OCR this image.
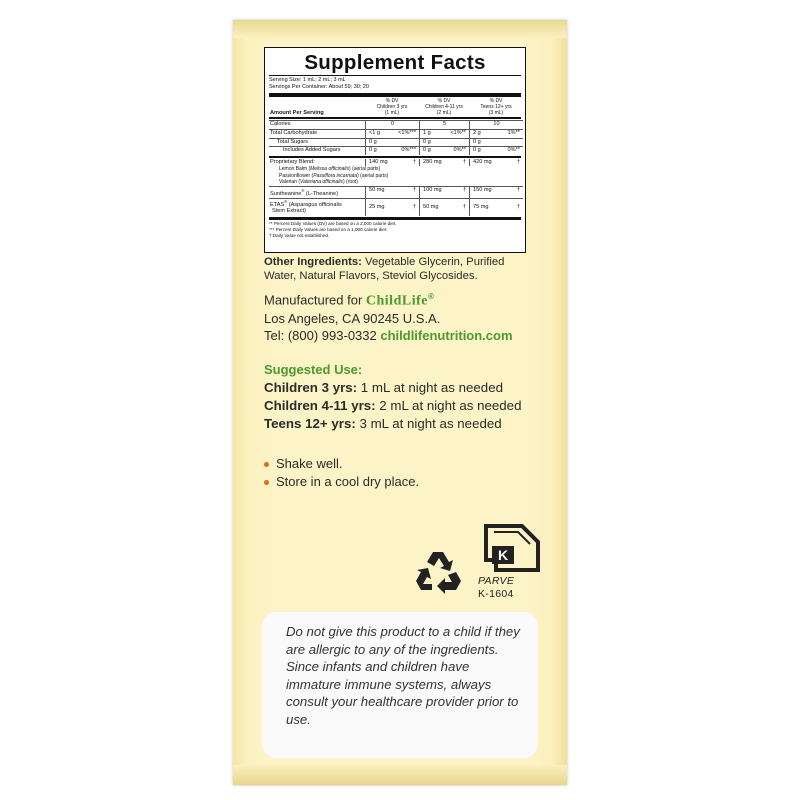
Supplement Facts
Serving Size: 1 mL; 2 mL; 3 mL
Servings Per Container: About 59; 30; 20
Amount Per Serving
% DV
Children 3 yrs
(1 mL)
% DV
Children 4-11 yrs
(2 mL)
% DV
Teens 12+ yrs
(3 mL)
Calories	0	5	10
Total Carbohydrate	<1 g	<1%*** 1 g	<1%** 2 g	1%**
Total Sugars	0 g	0 g	0 g
Includes Added Sugars	0 g	0%*** 0 g	0%** 0 g	0%**
Proprietary Blend:	140 mg	† 280 mg	† 420 mg	†
Lemon Balm (Melissa officinalis) (aerial parts)
Passionflower (Passiflora incarnata) (aerial parts)
Valerian (Valeriana officinalis) (root)
Suntheanine® (L-Theanine)
50 mg	† 100 mg	† 150 mg	†
ETAS® (Asparagus officinalis
Stem Extract)
25 mg	† 50 mg	† 75 mg	†
** Percent Daily Values (DV) are based on a 2,000 calorie diet.
*** Percent Daily Values are based on a 1,000 calorie diet.
† Daily Value not established.
Other Ingredients: Vegetable Glycerin, Purified Water, Natural Flavors, Steviol Glycosides.
Manufactured for ChildLife®
Los Angeles, CA 90245 U.S.A.
Tel: (800) 993-0332 childlifenutrition.com
Suggested Use:
Children 3 yrs: 1 mL at night as needed
Children 4-11 yrs: 2 mL at night as needed
Teens 12+ yrs: 3 mL at night as needed
Shake well.
Store in a cool dry place.
K
PARVE
K-1604
Do not give this product to a child if they are allergic to any of the ingredients. Since infants and children have immature immune systems, always consult your healthcare provider prior to use.
